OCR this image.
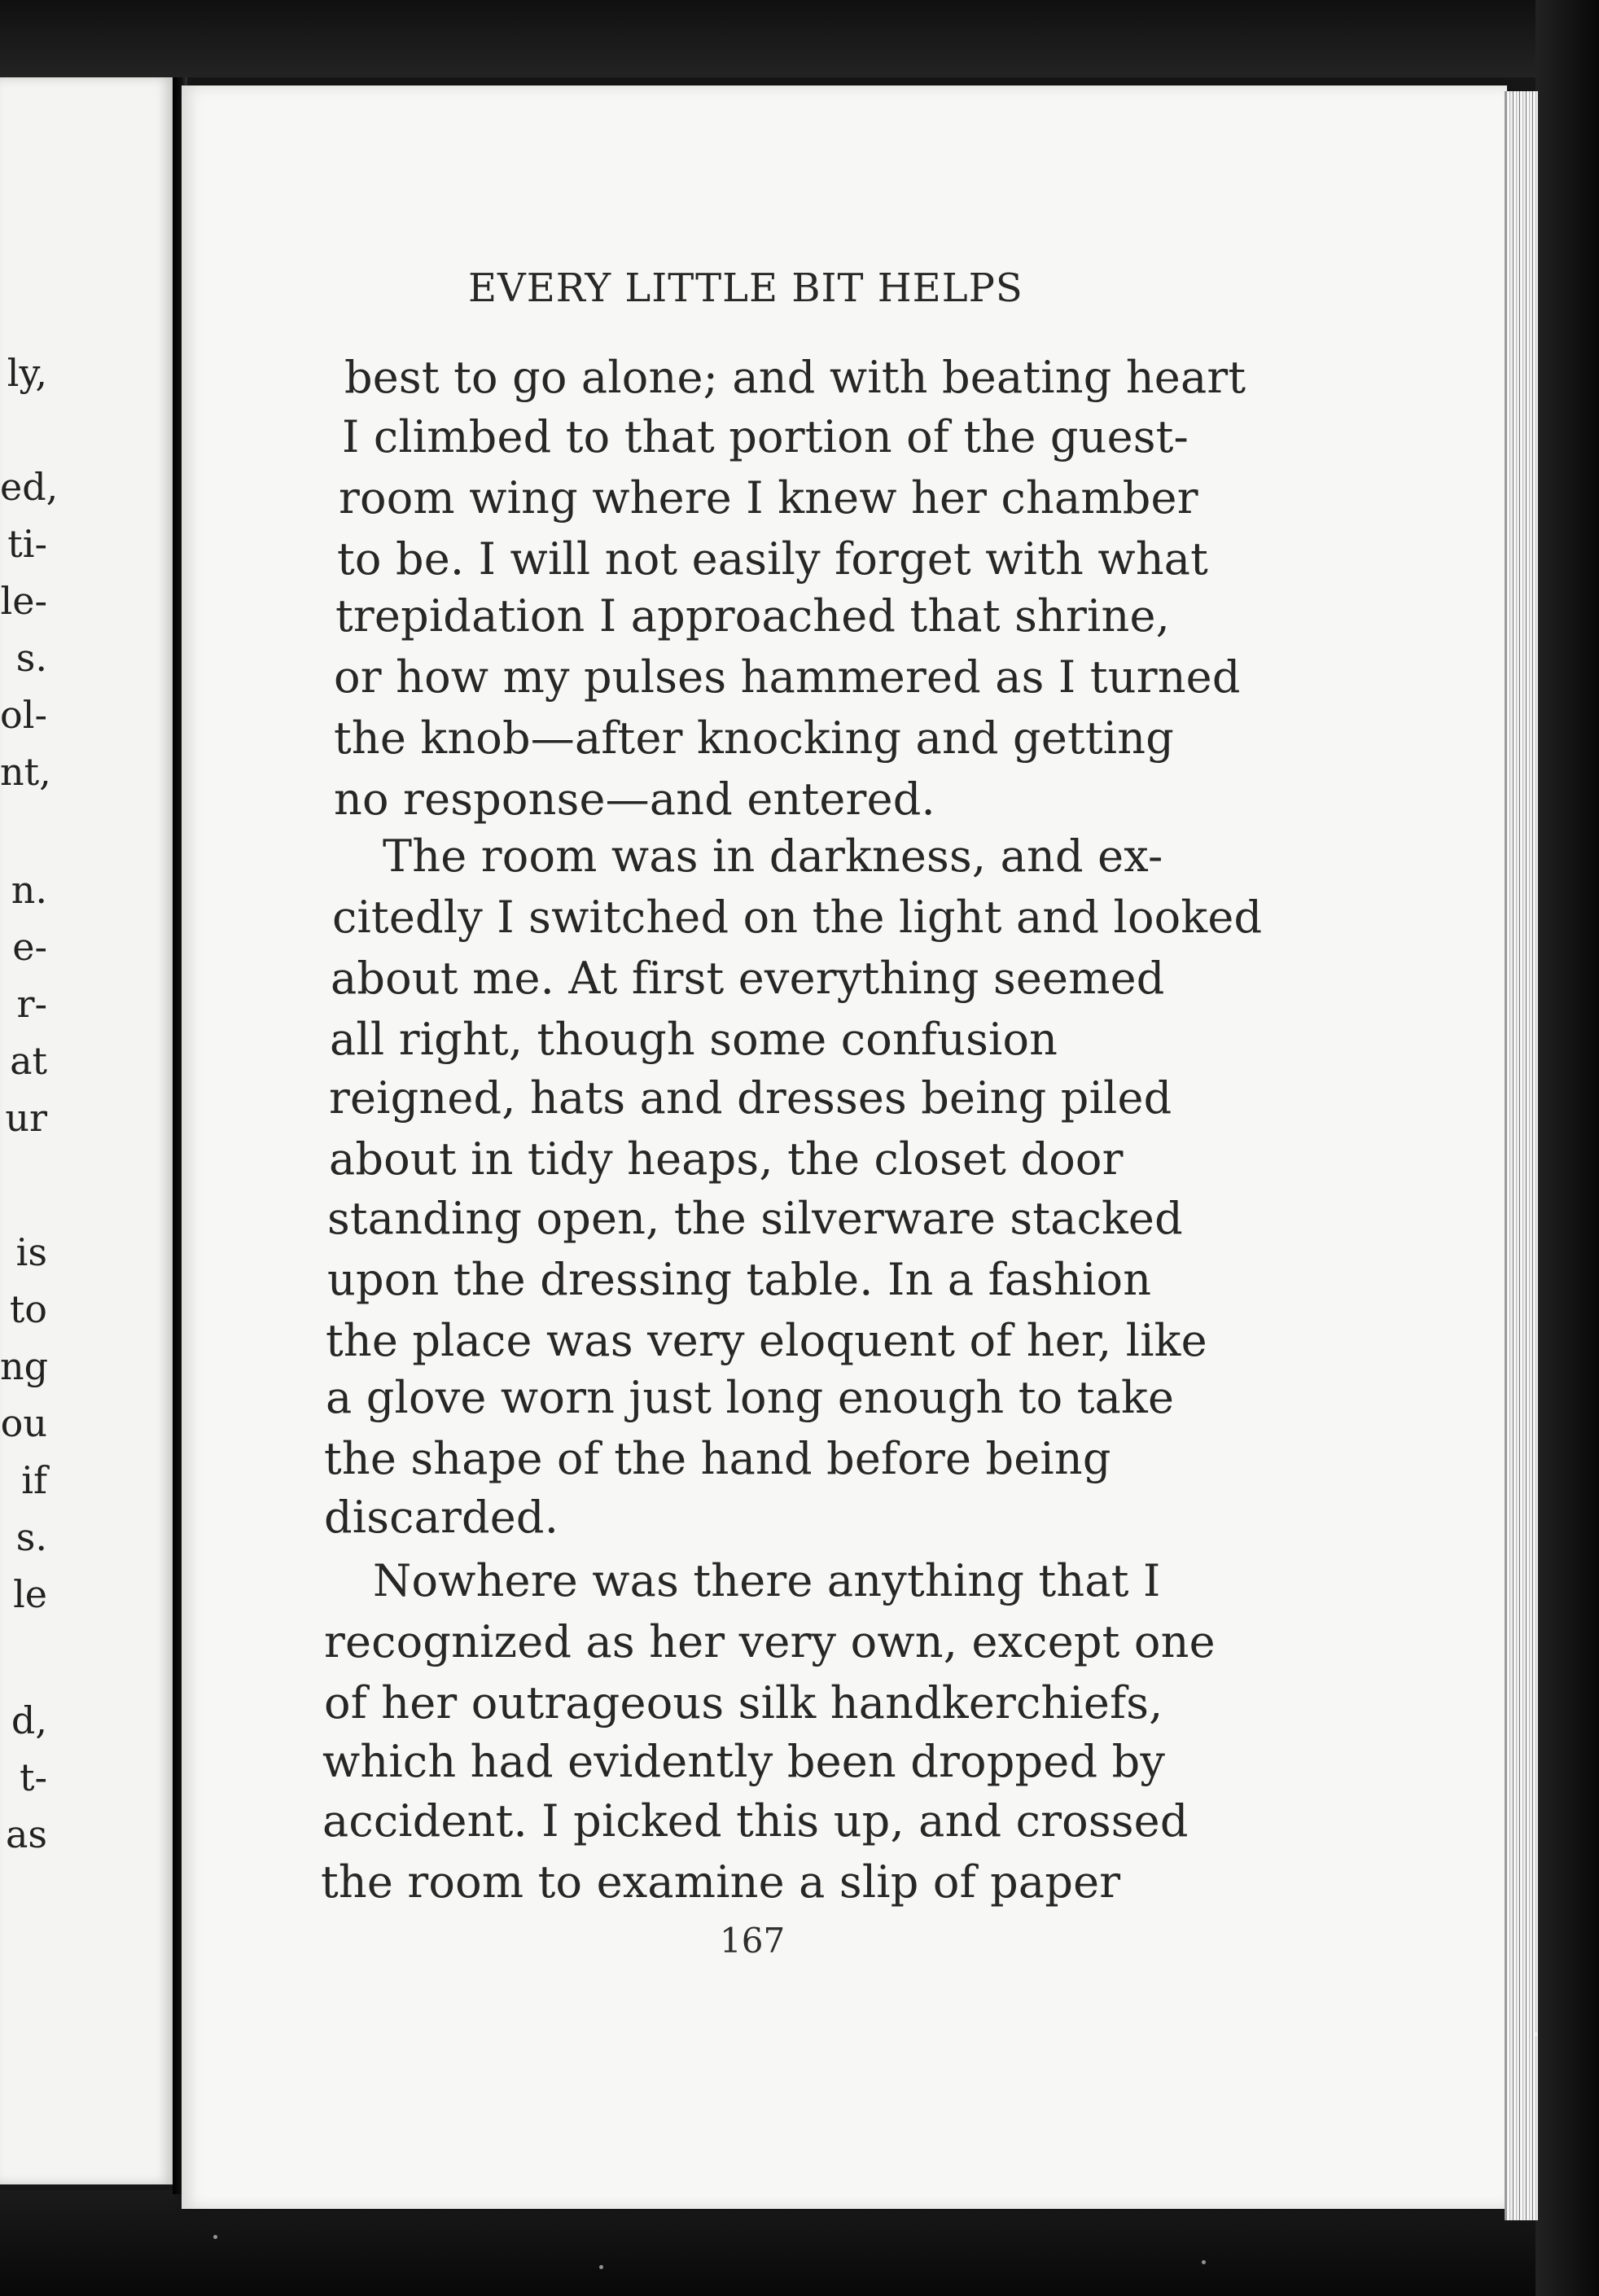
ly,

ed,

ti-

le-

s.

ol-

nt,

n.

e-

r-

at

ur

is

to

ng

ou

if

s.

le

d,

t-

as

EVERY LITTLE BIT HELPS

best to go alone; and with beating heart

I climbed to that portion of the guest-

room wing where I knew her chamber

to be. I will not easily forget with what

trepidation I approached that shrine,

or how my pulses hammered as I turned

the knob—after knocking and getting

no response—and entered.

The room was in darkness, and ex-

citedly I switched on the light and looked

about me. At first everything seemed

all right, though some confusion

reigned, hats and dresses being piled

about in tidy heaps, the closet door

standing open, the silverware stacked

upon the dressing table. In a fashion

the place was very eloquent of her, like

a glove worn just long enough to take

the shape of the hand before being

discarded.

Nowhere was there anything that I

recognized as her very own, except one

of her outrageous silk handkerchiefs,

which had evidently been dropped by

accident. I picked this up, and crossed

the room to examine a slip of paper

167
